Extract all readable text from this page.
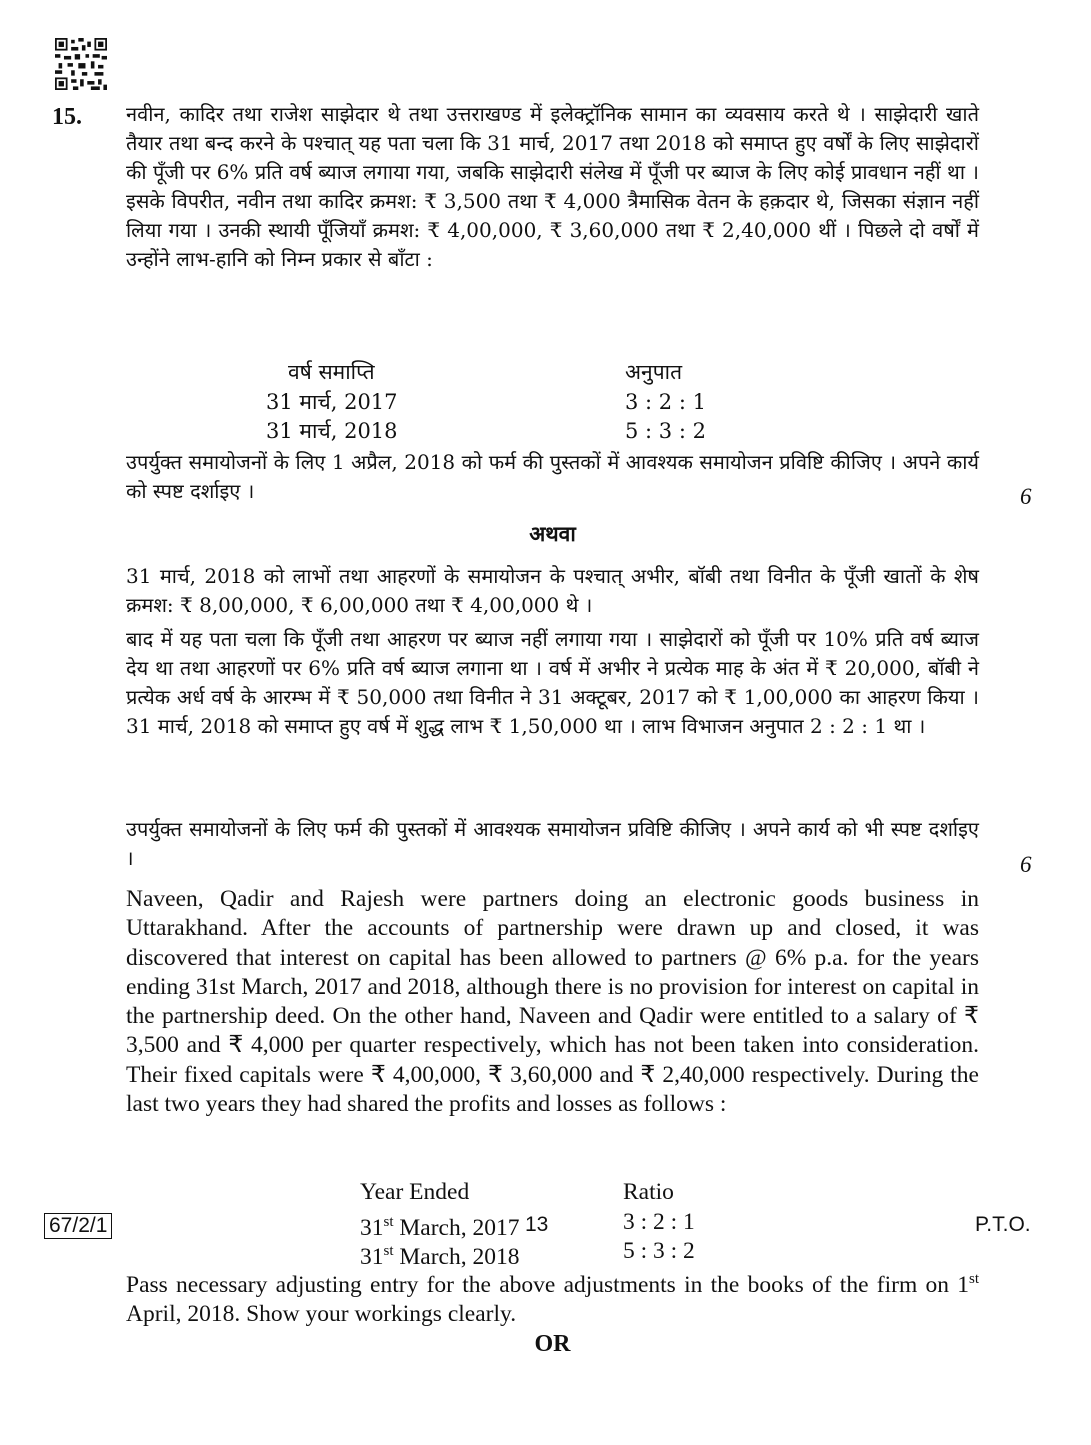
15. नवीन, कादिर तथा राजेश साझेदार थे तथा उत्तराखण्ड में इलेक्ट्रॉनिक सामान का व्यवसाय करते थे । साझेदारी खाते तैयार तथा बन्द करने के पश्चात् यह पता चला कि 31 मार्च, 2017 तथा 2018 को समाप्त हुए वर्षों के लिए साझेदारों की पूँजी पर 6% प्रति वर्ष ब्याज लगाया गया, जबकि साझेदारी संलेख में पूँजी पर ब्याज के लिए कोई प्रावधान नहीं था । इसके विपरीत, नवीन तथा कादिर क्रमश: ₹ 3,500 तथा ₹ 4,000 त्रैमासिक वेतन के हक़दार थे, जिसका संज्ञान नहीं लिया गया । उनकी स्थायी पूँजियाँ क्रमश: ₹ 4,00,000, ₹ 3,60,000 तथा ₹ 2,40,000 थीं । पिछले दो वर्षों में उन्होंने लाभ-हानि को निम्न प्रकार से बाँटा :
वर्ष समाप्ति	अनुपात
31 मार्च, 2017	3 : 2 : 1
31 मार्च, 2018	5 : 3 : 2
उपर्युक्त समायोजनों के लिए 1 अप्रैल, 2018 को फर्म की पुस्तकों में आवश्यक समायोजन प्रविष्टि कीजिए । अपने कार्य को स्पष्ट दर्शाइए ।	6
अथवा
31 मार्च, 2018 को लाभों तथा आहरणों के समायोजन के पश्चात् अभीर, बॉबी तथा विनीत के पूँजी खातों के शेष क्रमश: ₹ 8,00,000, ₹ 6,00,000 तथा ₹ 4,00,000 थे ।
बाद में यह पता चला कि पूँजी तथा आहरण पर ब्याज नहीं लगाया गया । साझेदारों को पूँजी पर 10% प्रति वर्ष ब्याज देय था तथा आहरणों पर 6% प्रति वर्ष ब्याज लगाना था । वर्ष में अभीर ने प्रत्येक माह के अंत में ₹ 20,000, बॉबी ने प्रत्येक अर्ध वर्ष के आरम्भ में ₹ 50,000 तथा विनीत ने 31 अक्टूबर, 2017 को ₹ 1,00,000 का आहरण किया । 31 मार्च, 2018 को समाप्त हुए वर्ष में शुद्ध लाभ ₹ 1,50,000 था । लाभ विभाजन अनुपात 2 : 2 : 1 था ।
उपर्युक्त समायोजनों के लिए फर्म की पुस्तकों में आवश्यक समायोजन प्रविष्टि कीजिए । अपने कार्य को भी स्पष्ट दर्शाइए ।	6
Naveen, Qadir and Rajesh were partners doing an electronic goods business in Uttarakhand. After the accounts of partnership were drawn up and closed, it was discovered that interest on capital has been allowed to partners @ 6% p.a. for the years ending 31st March, 2017 and 2018, although there is no provision for interest on capital in the partnership deed. On the other hand, Naveen and Qadir were entitled to a salary of ₹ 3,500 and ₹ 4,000 per quarter respectively, which has not been taken into consideration. Their fixed capitals were ₹ 4,00,000, ₹ 3,60,000 and ₹ 2,40,000 respectively. During the last two years they had shared the profits and losses as follows :
Year Ended	Ratio
31st March, 2017	3 : 2 : 1
31st March, 2018	5 : 3 : 2
Pass necessary adjusting entry for the above adjustments in the books of the firm on 1st April, 2018. Show your workings clearly.
OR
67/2/1	13	P.T.O.
